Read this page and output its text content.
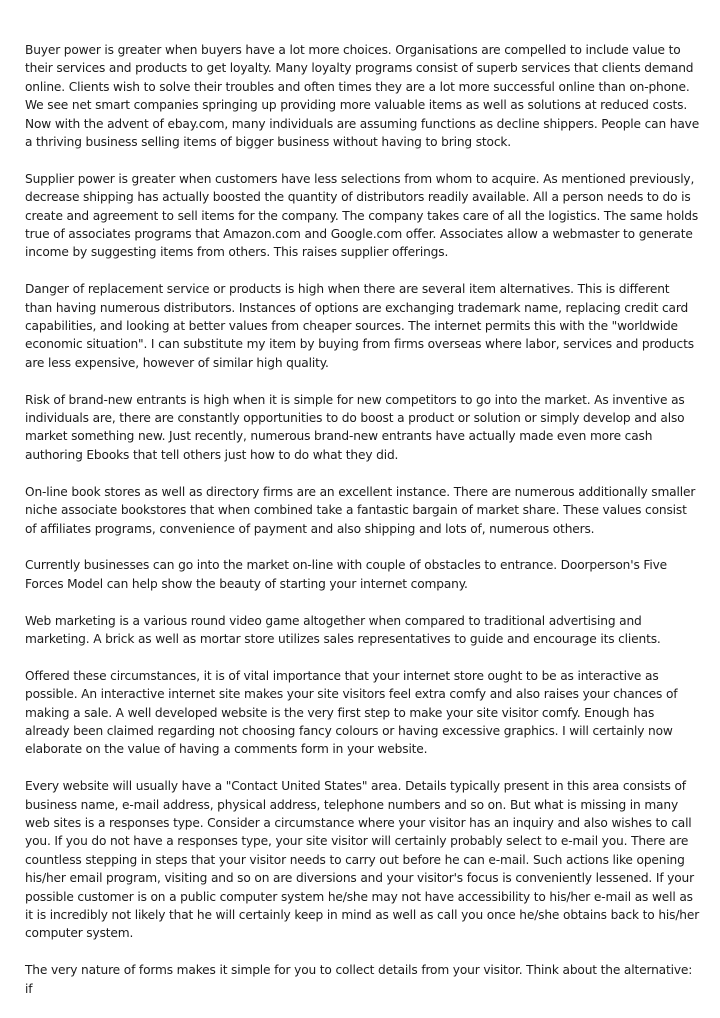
Buyer power is greater when buyers have a lot more choices. Organisations are compelled to include value to their services and products to get loyalty. Many loyalty programs consist of superb services that clients demand online. Clients wish to solve their troubles and often times they are a lot more successful online than on-phone. We see net smart companies springing up providing more valuable items as well as solutions at reduced costs. Now with the advent of ebay.com, many individuals are assuming functions as decline shippers. People can have a thriving business selling items of bigger business without having to bring stock.

Supplier power is greater when customers have less selections from whom to acquire. As mentioned previously, decrease shipping has actually boosted the quantity of distributors readily available. All a person needs to do is create and agreement to sell items for the company. The company takes care of all the logistics. The same holds true of associates programs that Amazon.com and Google.com offer. Associates allow a webmaster to generate income by suggesting items from others. This raises supplier offerings.

Danger of replacement service or products is high when there are several item alternatives. This is different than having numerous distributors. Instances of options are exchanging trademark name, replacing credit card capabilities, and looking at better values from cheaper sources. The internet permits this with the "worldwide economic situation". I can substitute my item by buying from firms overseas where labor, services and products are less expensive, however of similar high quality.

Risk of brand-new entrants is high when it is simple for new competitors to go into the market. As inventive as individuals are, there are constantly opportunities to do boost a product or solution or simply develop and also market something new. Just recently, numerous brand-new entrants have actually made even more cash authoring Ebooks that tell others just how to do what they did.

On-line book stores as well as directory firms are an excellent instance. There are numerous additionally smaller niche associate bookstores that when combined take a fantastic bargain of market share. These values consist of affiliates programs, convenience of payment and also shipping and lots of, numerous others.

Currently businesses can go into the market on-line with couple of obstacles to entrance. Doorperson's Five Forces Model can help show the beauty of starting your internet company.

Web marketing is a various round video game altogether when compared to traditional advertising and marketing. A brick as well as mortar store utilizes sales representatives to guide and encourage its clients.

Offered these circumstances, it is of vital importance that your internet store ought to be as interactive as possible. An interactive internet site makes your site visitors feel extra comfy and also raises your chances of making a sale. A well developed website is the very first step to make your site visitor comfy. Enough has already been claimed regarding not choosing fancy colours or having excessive graphics. I will certainly now elaborate on the value of having a comments form in your website.

Every website will usually have a "Contact United States" area. Details typically present in this area consists of business name, e-mail address, physical address, telephone numbers and so on. But what is missing in many web sites is a responses type. Consider a circumstance where your visitor has an inquiry and also wishes to call you. If you do not have a responses type, your site visitor will certainly probably select to e-mail you. There are countless stepping in steps that your visitor needs to carry out before he can e-mail. Such actions like opening his/her email program, visiting and so on are diversions and your visitor's focus is conveniently lessened. If your possible customer is on a public computer system he/she may not have accessibility to his/her e-mail as well as it is incredibly not likely that he will certainly keep in mind as well as call you once he/she obtains back to his/her computer system.

The very nature of forms makes it simple for you to collect details from your visitor. Think about the alternative: if
